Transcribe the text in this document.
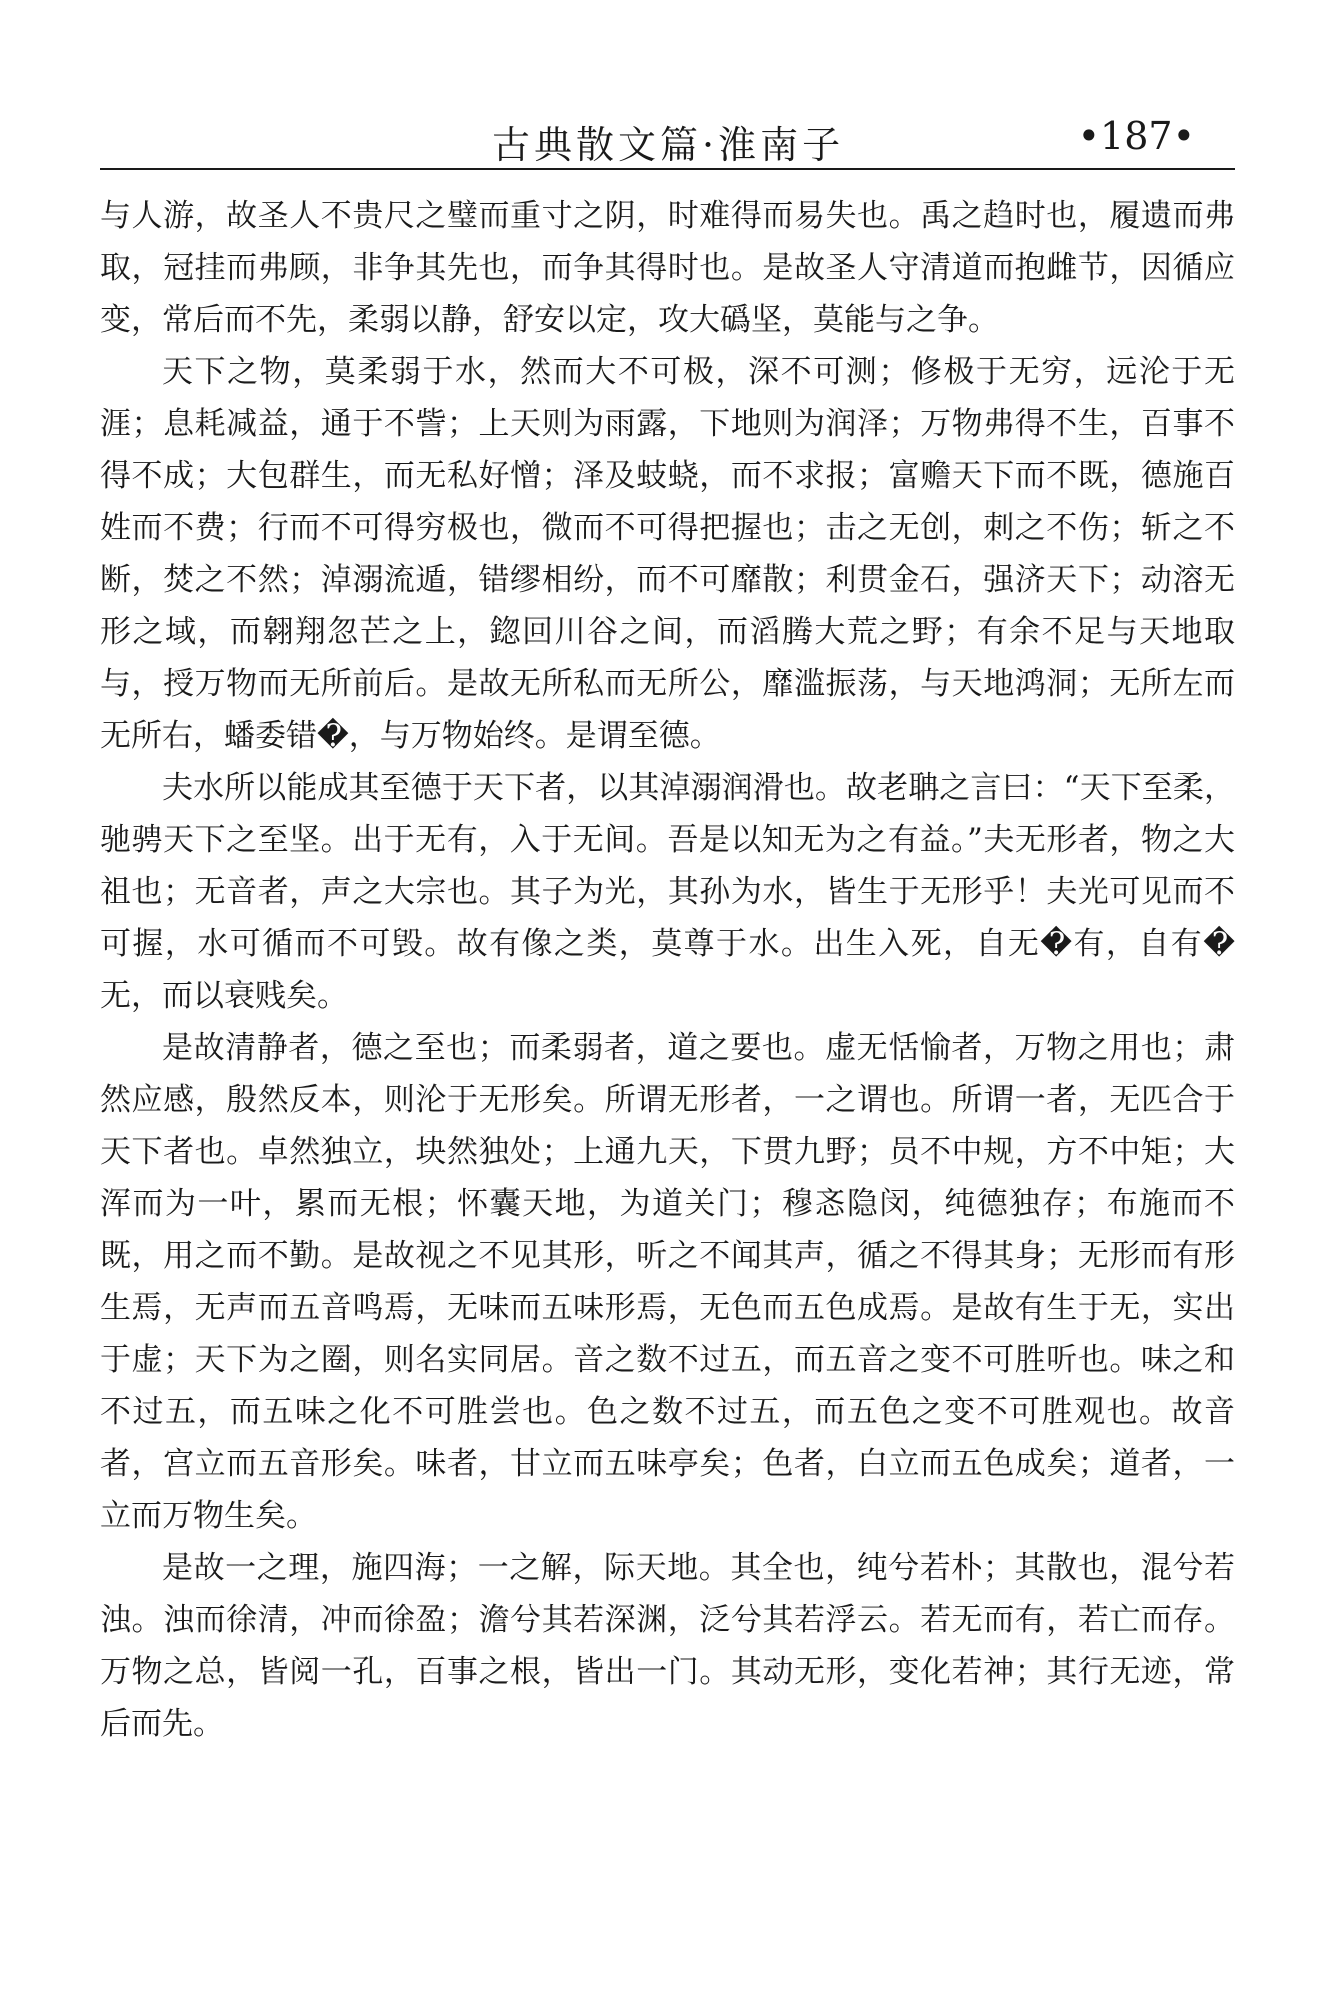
古典散文篇·淮南子	•187•

与人游，故圣人不贵尺之璧而重寸之阴，时难得而易失也。禹之趋时也，履遗而弗取，冠挂而弗顾，非争其先也，而争其得时也。是故圣人守清道而抱雌节，因循应变，常后而不先，柔弱以静，舒安以定，攻大䃣坚，莫能与之争。

天下之物，莫柔弱于水，然而大不可极，深不可测；修极于无穷，远沦于无涯；息耗减益，通于不訾；上天则为雨露，下地则为润泽；万物弗得不生，百事不得不成；大包群生，而无私好憎；泽及蚑蛲，而不求报；富赡天下而不既，德施百姓而不费；行而不可得穷极也，微而不可得把握也；击之无创，刺之不伤；斩之不断，焚之不然；淖溺流遁，错缪相纷，而不可靡散；利贯金石，强济天下；动溶无形之域，而翱翔忽芒之上，鍃回川谷之间，而滔腾大荒之野；有余不足与天地取与，授万物而无所前后。是故无所私而无所公，靡滥振荡，与天地鸿洞；无所左而无所右，蟠委错�，与万物始终。是谓至德。

夫水所以能成其至德于天下者，以其淖溺润滑也。故老聃之言曰：“天下至柔，驰骋天下之至坚。出于无有，入于无间。吾是以知无为之有益。”夫无形者，物之大祖也；无音者，声之大宗也。其子为光，其孙为水，皆生于无形乎！夫光可见而不可握，水可循而不可毁。故有像之类，莫尊于水。出生入死，自无�有，自有�无，而以衰贱矣。

是故清静者，德之至也；而柔弱者，道之要也。虚无恬愉者，万物之用也；肃然应感，殷然反本，则沦于无形矣。所谓无形者，一之谓也。所谓一者，无匹合于天下者也。卓然独立，块然独处；上通九天，下贯九野；员不中规，方不中矩；大浑而为一叶，累而无根；怀囊天地，为道关门；穆忞隐闵，纯德独存；布施而不既，用之而不勤。是故视之不见其形，听之不闻其声，循之不得其身；无形而有形生焉，无声而五音鸣焉，无味而五味形焉，无色而五色成焉。是故有生于无，实出于虚；天下为之圈，则名实同居。音之数不过五，而五音之变不可胜听也。味之和不过五，而五味之化不可胜尝也。色之数不过五，而五色之变不可胜观也。故音者，宫立而五音形矣。味者，甘立而五味亭矣；色者，白立而五色成矣；道者，一立而万物生矣。

是故一之理，施四海；一之解，际天地。其全也，纯兮若朴；其散也，混兮若浊。浊而徐清，冲而徐盈；澹兮其若深渊，泛兮其若浮云。若无而有，若亡而存。万物之总，皆阅一孔，百事之根，皆出一门。其动无形，变化若神；其行无迹，常后而先。
